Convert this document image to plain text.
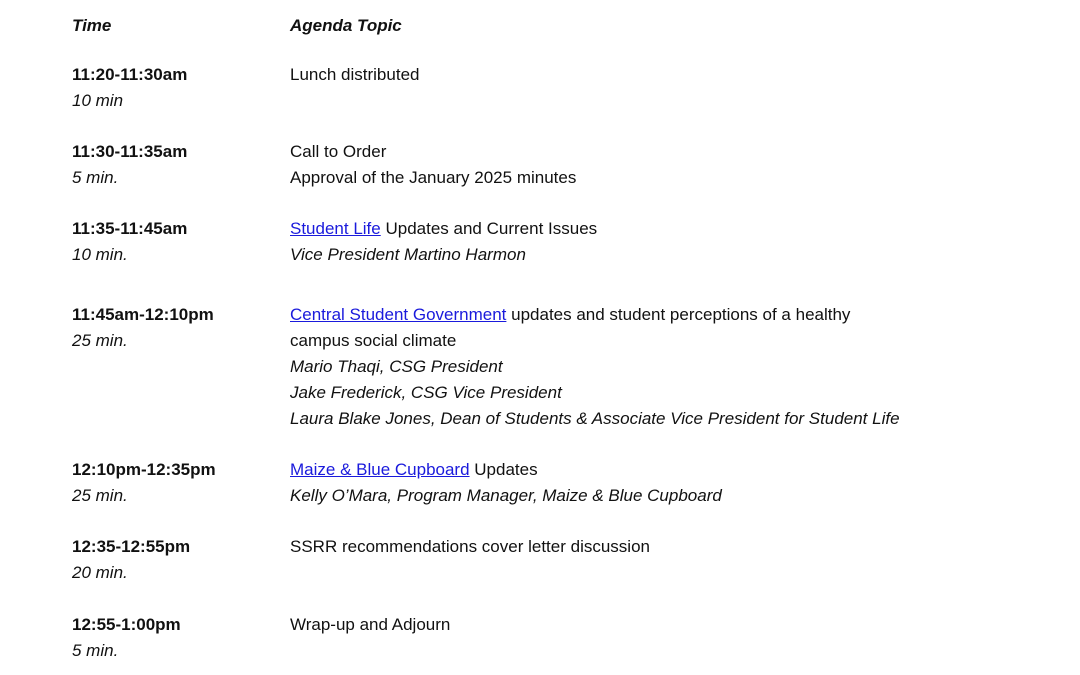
Time	Agenda Topic
11:20-11:30am
10 min
Lunch distributed
11:30-11:35am
5 min.
Call to Order
Approval of the January 2025 minutes
11:35-11:45am
10 min.
Student Life Updates and Current Issues
Vice President Martino Harmon
11:45am-12:10pm
25 min.
Central Student Government updates and student perceptions of a healthy
campus social climate
Mario Thaqi, CSG President
Jake Frederick, CSG Vice President
Laura Blake Jones, Dean of Students & Associate Vice President for Student Life
12:10pm-12:35pm
25 min.
Maize & Blue Cupboard Updates
Kelly O’Mara, Program Manager, Maize & Blue Cupboard
12:35-12:55pm
20 min.
SSRR recommendations cover letter discussion
12:55-1:00pm
5 min.
Wrap-up and Adjourn
